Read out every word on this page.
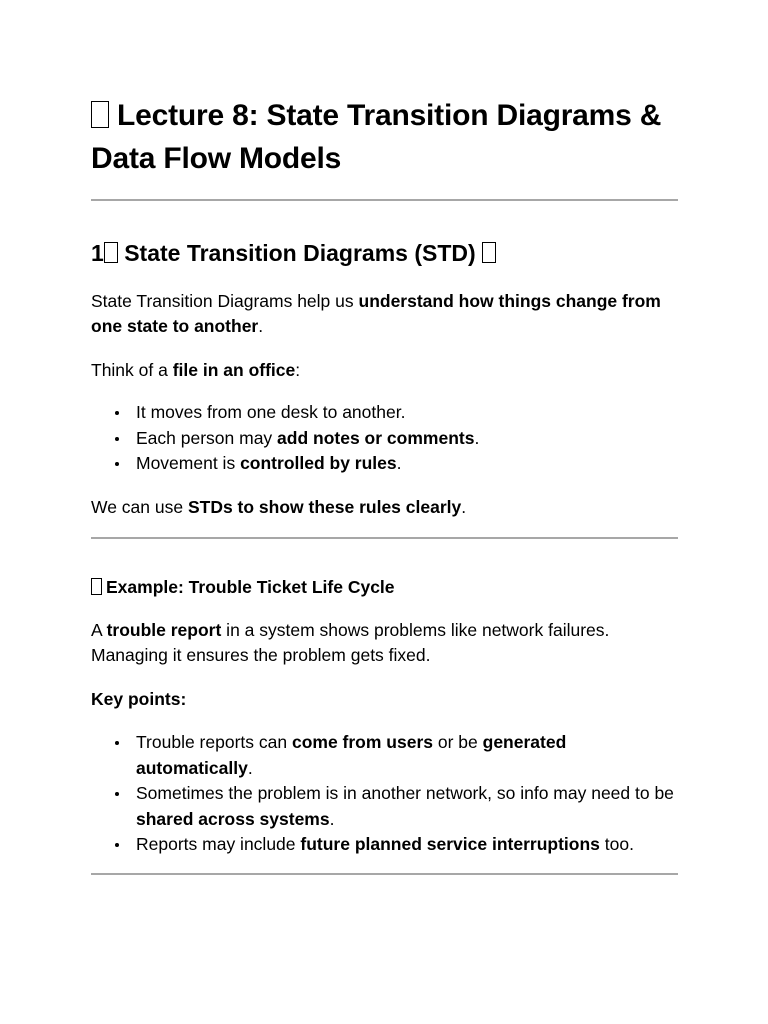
Lecture 8: State Transition Diagrams &
Data Flow Models
1 State Transition Diagrams (STD)

State Transition Diagrams help us understand how things change from one state to another.

Think of a file in an office:

It moves from one desk to another.
Each person may add notes or comments.
Movement is controlled by rules.

We can use STDs to show these rules clearly.

Example: Trouble Ticket Life Cycle

A trouble report in a system shows problems like network failures. Managing it ensures the problem gets fixed.

Key points:

Trouble reports can come from users or be generated automatically.
Sometimes the problem is in another network, so info may need to be shared across systems.
Reports may include future planned service interruptions too.
